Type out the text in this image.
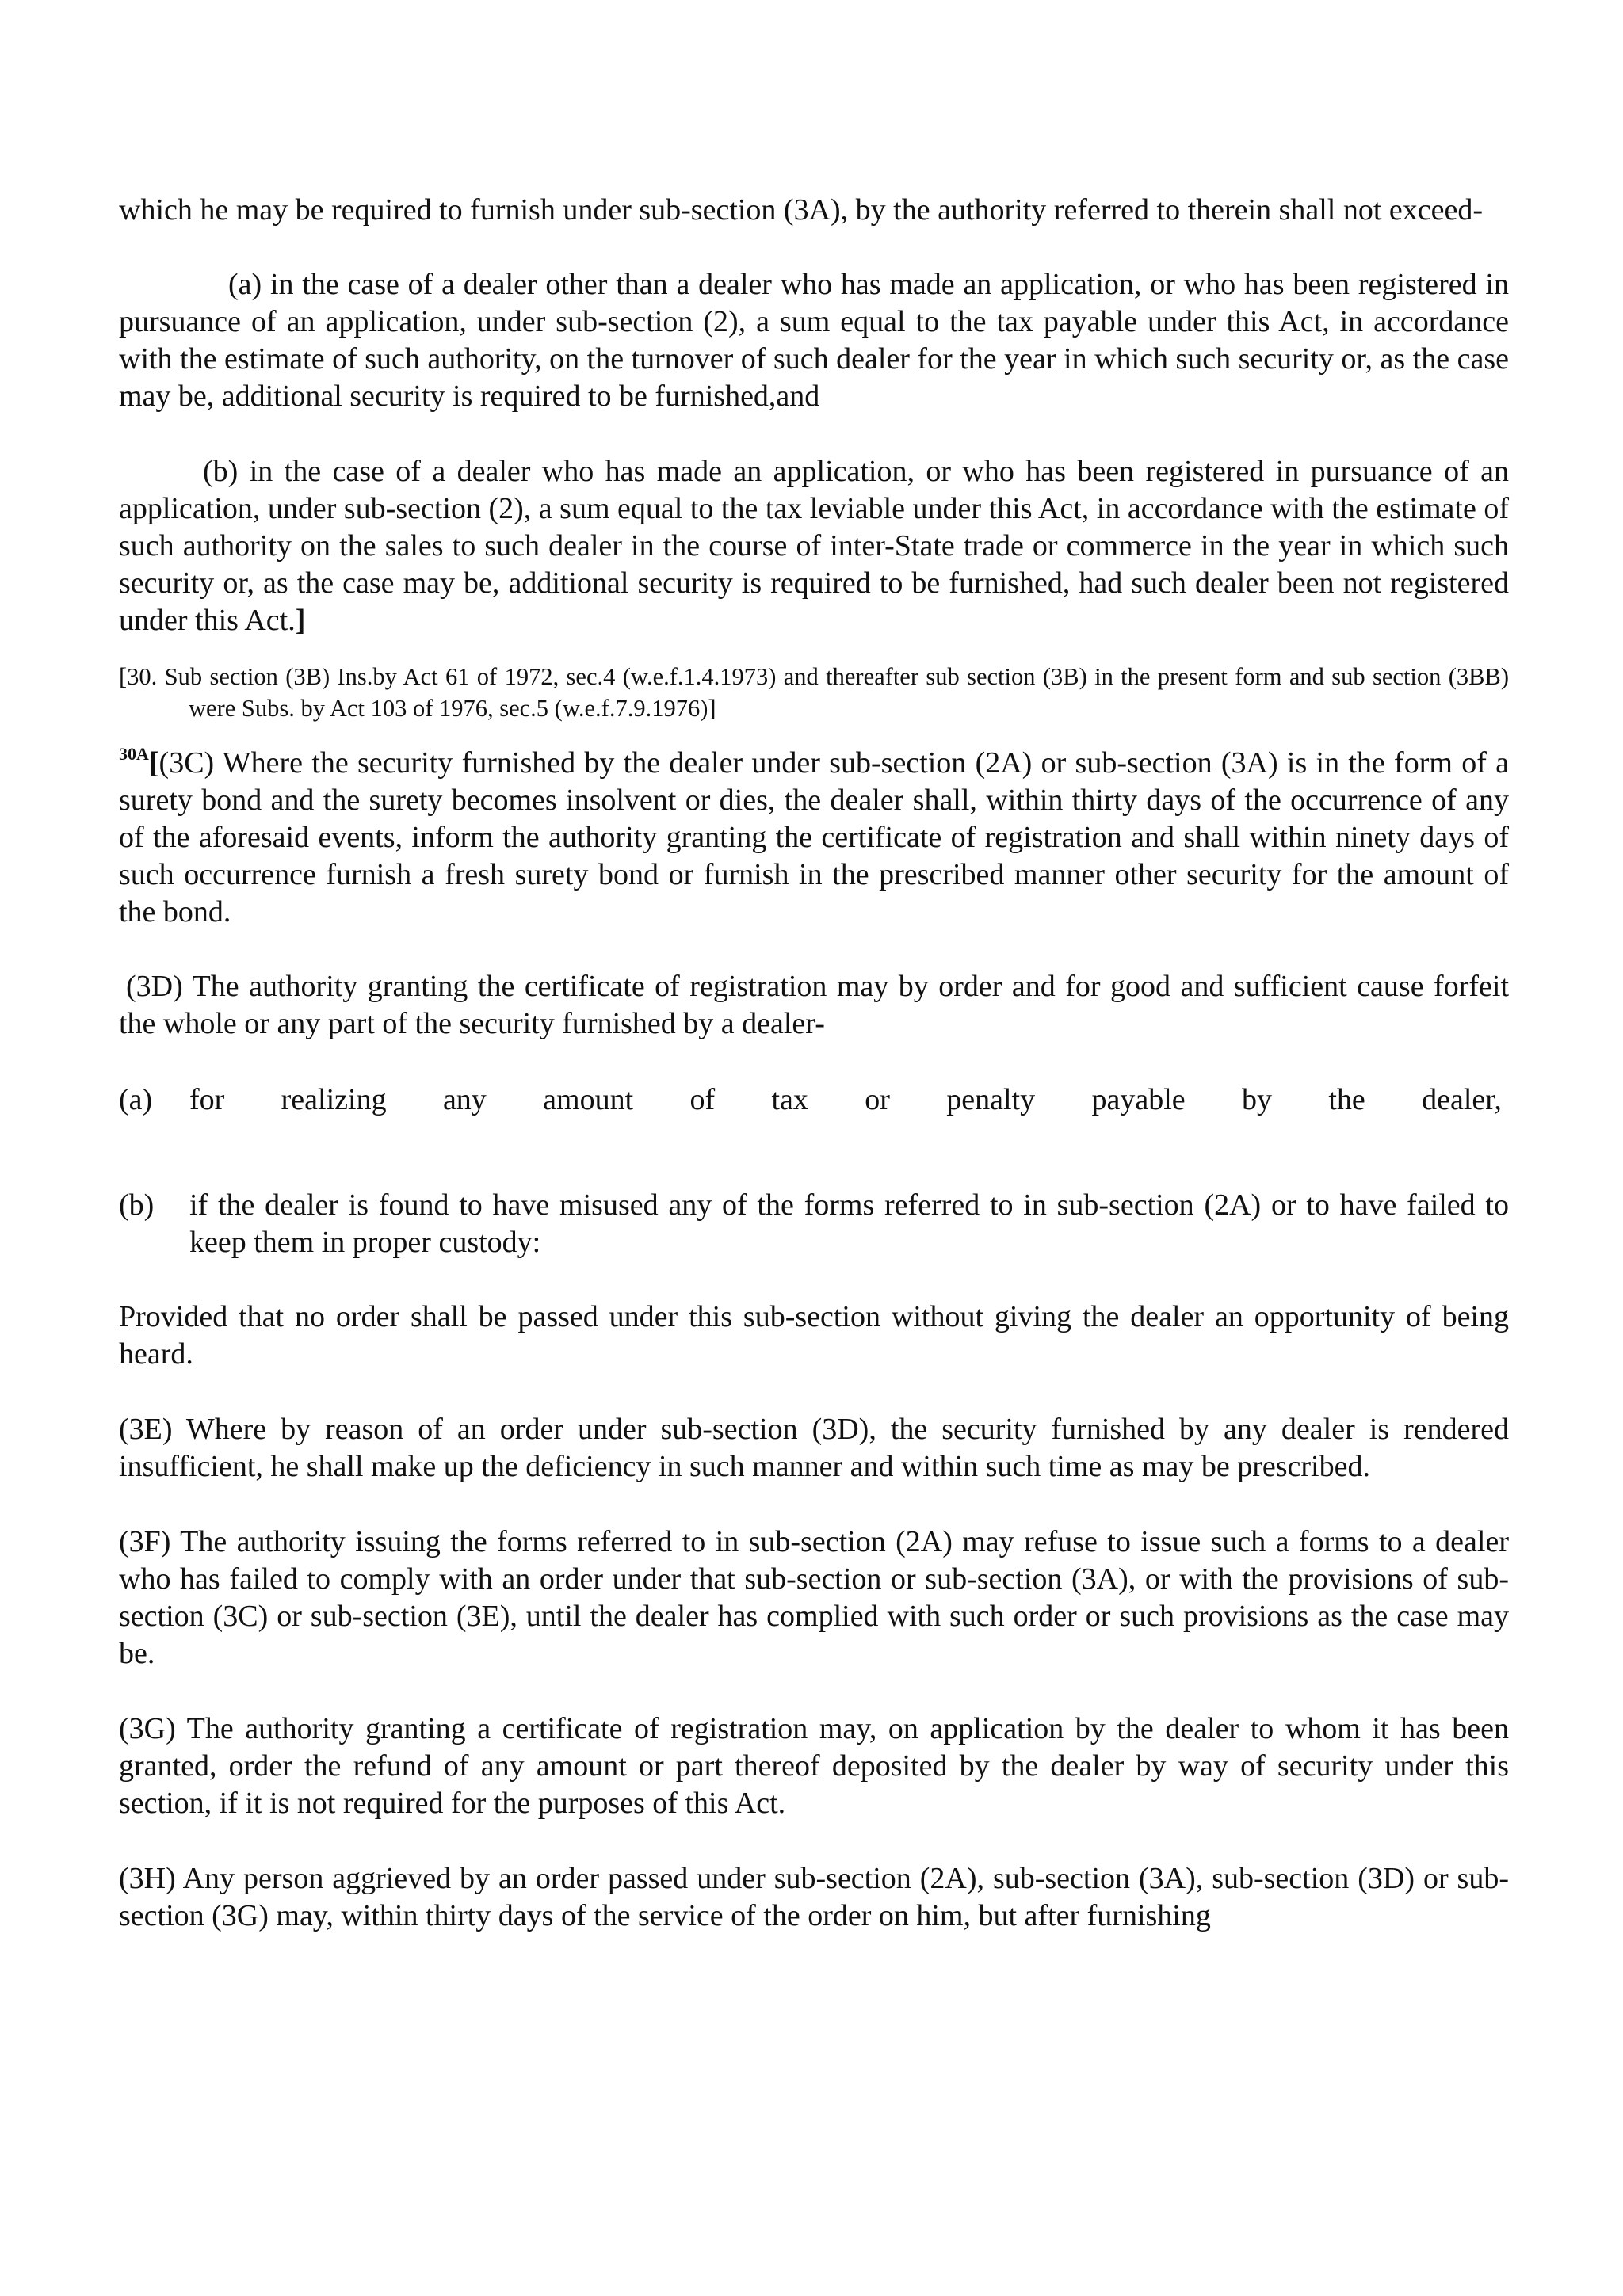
which he may be required to furnish under sub-section (3A), by the authority referred to therein shall not exceed-

(a) in the case of a dealer other than a dealer who has made an application, or who has been registered in pursuance of an application, under sub-section (2), a sum equal to the tax payable under this Act, in accordance with the estimate of such authority, on the turnover of such dealer for the year in which such security or, as the case may be, additional security is required to be furnished,and

(b) in the case of a dealer who has made an application, or who has been registered in pursuance of an application, under sub-section (2), a sum equal to the tax leviable under this Act, in accordance with the estimate of such authority on the sales to such dealer in the course of inter-State trade or commerce in the year in which such security or, as the case may be, additional security is required to be furnished, had such dealer been not registered under this Act.]

[30. Sub section (3B) Ins.by Act 61 of 1972, sec.4 (w.e.f.1.4.1973) and thereafter sub section (3B) in the present form and sub section (3BB) were Subs. by Act 103 of 1976, sec.5 (w.e.f.7.9.1976)]

$^{30A}$[(3C) Where the security furnished by the dealer under sub-section (2A) or sub-section (3A) is in the form of a surety bond and the surety becomes insolvent or dies, the dealer shall, within thirty days of the occurrence of any of the aforesaid events, inform the authority granting the certificate of registration and shall within ninety days of such occurrence furnish a fresh surety bond or furnish in the prescribed manner other security for the amount of the bond.

(3D) The authority granting the certificate of registration may by order and for good and sufficient cause forfeit the whole or any part of the security furnished by a dealer-

(a)	for realizing any amount of tax or penalty payable by the dealer,
(b)	if the dealer is found to have misused any of the forms referred to in sub-section (2A) or to have failed to keep them in proper custody:

Provided that no order shall be passed under this sub-section without giving the dealer an opportunity of being heard.

(3E) Where by reason of an order under sub-section (3D), the security furnished by any dealer is rendered insufficient, he shall make up the deficiency in such manner and within such time as may be prescribed.

(3F) The authority issuing the forms referred to in sub-section (2A) may refuse to issue such a forms to a dealer who has failed to comply with an order under that sub-section or sub-section (3A), or with the provisions of sub-section (3C) or sub-section (3E), until the dealer has complied with such order or such provisions as the case may be.

(3G) The authority granting a certificate of registration may, on application by the dealer to whom it has been granted, order the refund of any amount or part thereof deposited by the dealer by way of security under this section, if it is not required for the purposes of this Act.

(3H) Any person aggrieved by an order passed under sub-section (2A), sub-section (3A), sub-section (3D) or sub-section (3G) may, within thirty days of the service of the order on him, but after furnishing
